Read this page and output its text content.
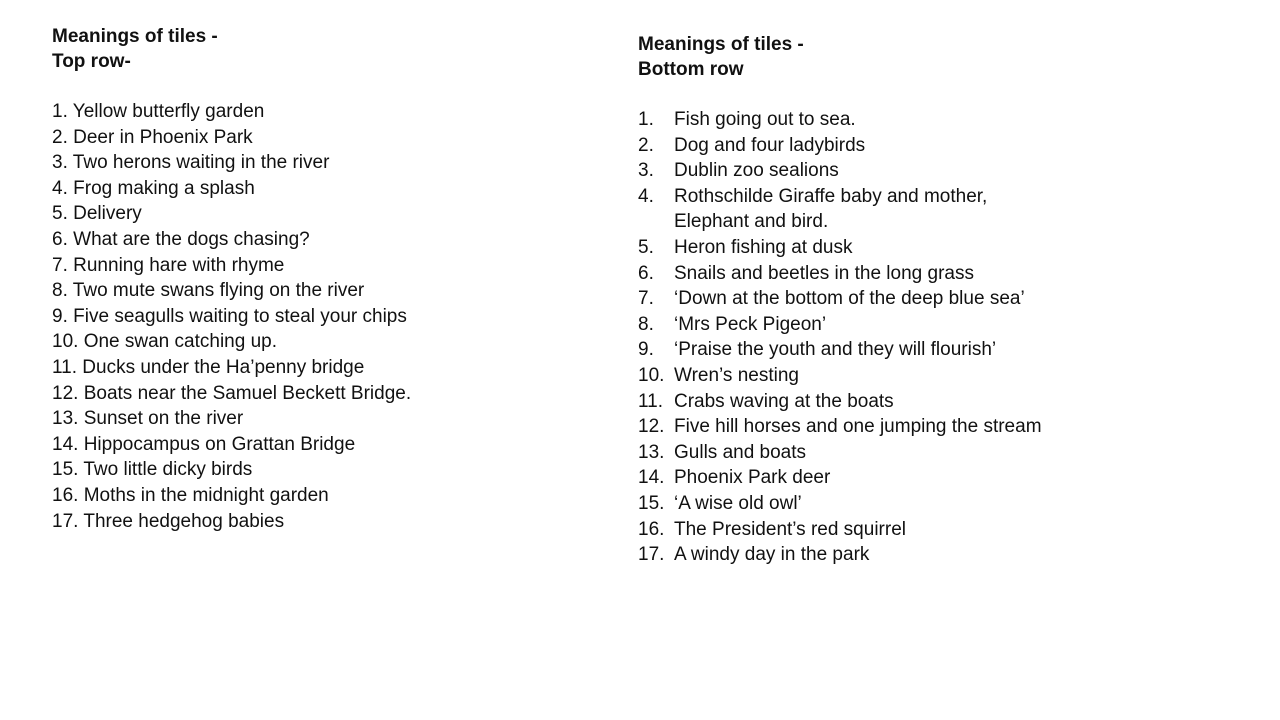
Meanings of tiles -

Top row-

1. Yellow butterfly garden
2. Deer in Phoenix Park
3. Two herons waiting in the river
4. Frog making a splash
5. Delivery
6. What are the dogs chasing?
7. Running hare with rhyme
8. Two mute swans flying on the river
9. Five seagulls waiting to steal your chips
10. One swan catching up.
11. Ducks under the Ha’penny bridge
12. Boats near the Samuel Beckett Bridge.
13. Sunset on the river
14. Hippocampus on Grattan Bridge
15. Two little dicky birds
16. Moths in the midnight garden
17. Three hedgehog babies

Meanings of tiles -

Bottom row

1.	Fish going out to sea.
2.	Dog and four ladybirds
3.	Dublin zoo sealions
4.	Rothschilde Giraffe baby and mother,
Elephant and bird.
5.	Heron fishing at dusk
6.	Snails and beetles in the long grass
7.	‘Down at the bottom of the deep blue sea’
8.	‘Mrs Peck Pigeon’
9.	‘Praise the youth and they will flourish’
10. Wren’s nesting
11. Crabs waving at the boats
12. Five hill horses and one jumping the stream
13. Gulls and boats
14. Phoenix Park deer
15. ‘A wise old owl’
16. The President’s red squirrel
17. A windy day in the park
